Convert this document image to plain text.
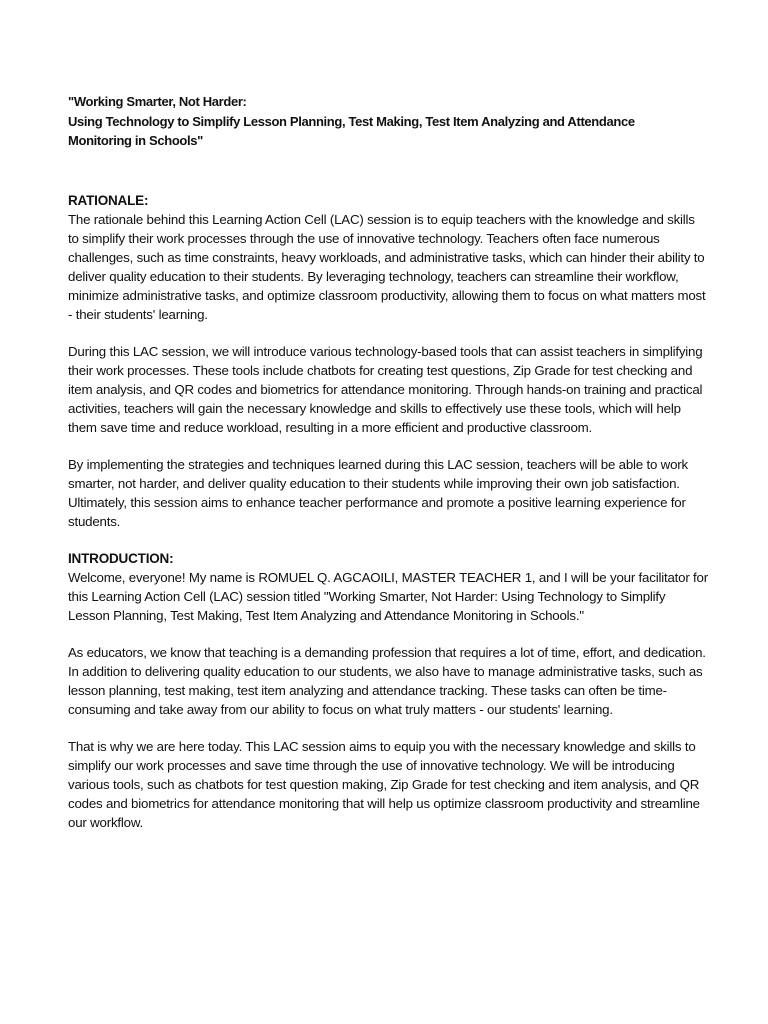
"Working Smarter, Not Harder:
Using Technology to Simplify Lesson Planning, Test Making, Test Item Analyzing and Attendance
Monitoring in Schools"
RATIONALE:

The rationale behind this Learning Action Cell (LAC) session is to equip teachers with the knowledge and skills to simplify their work processes through the use of innovative technology. Teachers often face numerous challenges, such as time constraints, heavy workloads, and administrative tasks, which can hinder their ability to deliver quality education to their students. By leveraging technology, teachers can streamline their workflow, minimize administrative tasks, and optimize classroom productivity, allowing them to focus on what matters most - their students' learning.

During this LAC session, we will introduce various technology-based tools that can assist teachers in simplifying their work processes. These tools include chatbots for creating test questions, Zip Grade for test checking and item analysis, and QR codes and biometrics for attendance monitoring. Through hands-on training and practical activities, teachers will gain the necessary knowledge and skills to effectively use these tools, which will help them save time and reduce workload, resulting in a more efficient and productive classroom.

By implementing the strategies and techniques learned during this LAC session, teachers will be able to work smarter, not harder, and deliver quality education to their students while improving their own job satisfaction. Ultimately, this session aims to enhance teacher performance and promote a positive learning experience for students.

INTRODUCTION:

Welcome, everyone! My name is ROMUEL Q. AGCAOILI, MASTER TEACHER 1, and I will be your facilitator for this Learning Action Cell (LAC) session titled "Working Smarter, Not Harder: Using Technology to Simplify Lesson Planning, Test Making, Test Item Analyzing and Attendance Monitoring in Schools."

As educators, we know that teaching is a demanding profession that requires a lot of time, effort, and dedication. In addition to delivering quality education to our students, we also have to manage administrative tasks, such as lesson planning, test making, test item analyzing and attendance tracking. These tasks can often be time-consuming and take away from our ability to focus on what truly matters - our students' learning.

That is why we are here today. This LAC session aims to equip you with the necessary knowledge and skills to simplify our work processes and save time through the use of innovative technology. We will be introducing various tools, such as chatbots for test question making, Zip Grade for test checking and item analysis, and QR codes and biometrics for attendance monitoring that will help us optimize classroom productivity and streamline our workflow.
